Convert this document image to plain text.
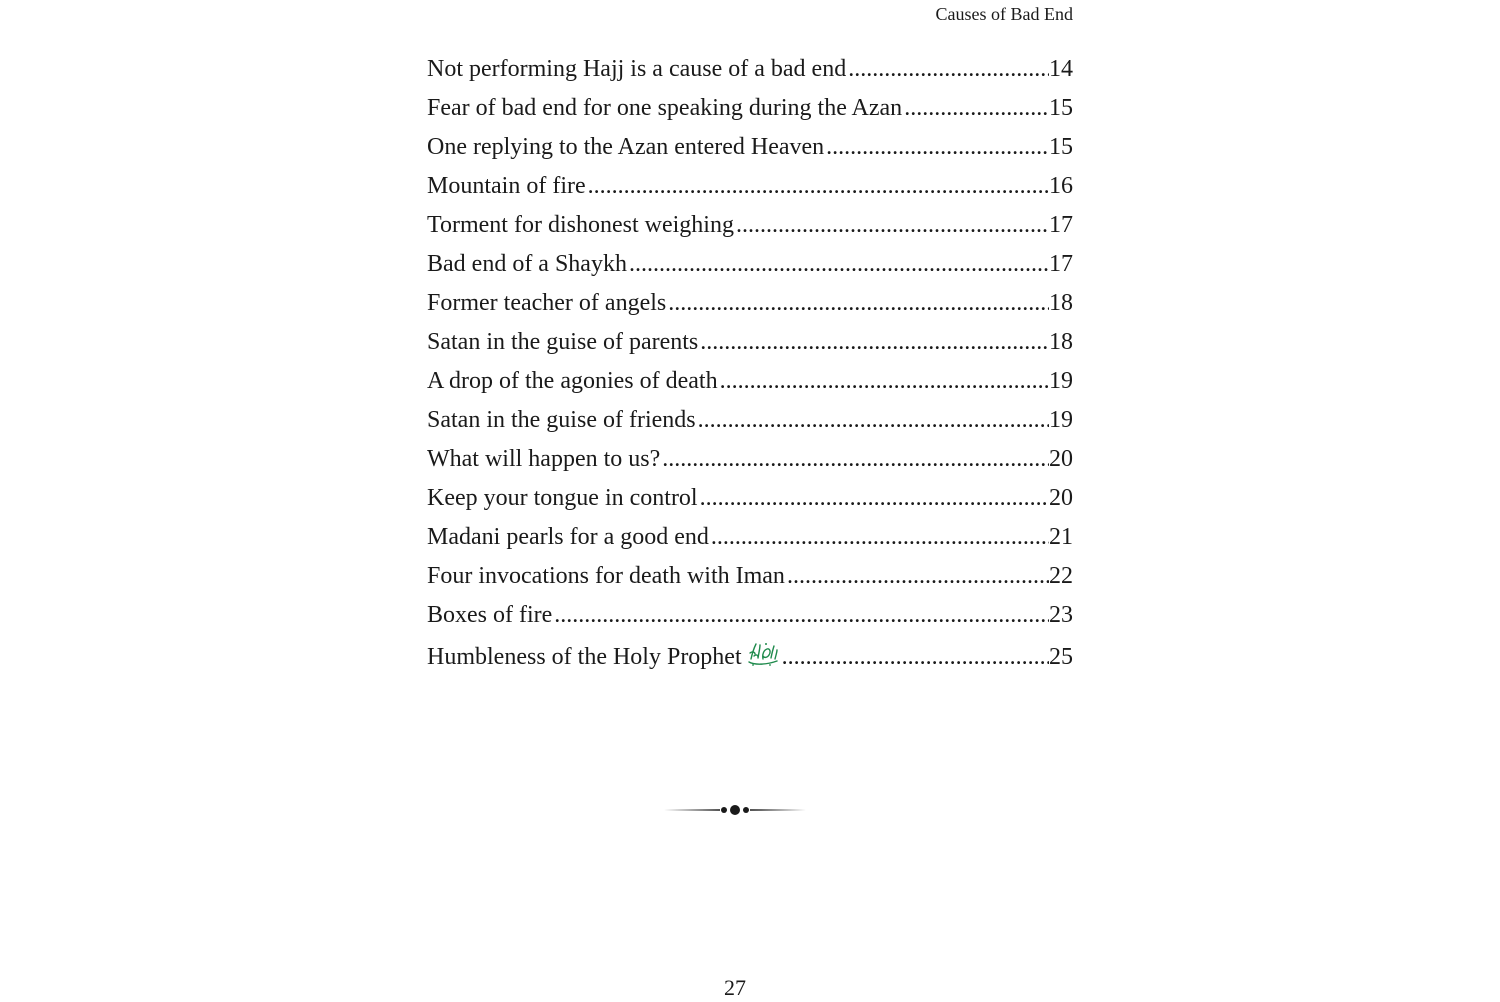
Causes of Bad End
Not performing Hajj is a cause of a bad end .....	14
Fear of bad end for one speaking during the Azan .....	15
One replying to the Azan entered Heaven .....	15
Mountain of fire .....	16
Torment for dishonest weighing .....	17
Bad end of a Shaykh .....	17
Former teacher of angels .....	18
Satan in the guise of parents .....	18
A drop of the agonies of death .....	19
Satan in the guise of friends .....	19
What will happen to us? .....	20
Keep your tongue in control .....	20
Madani pearls for a good end .....	21
Four invocations for death with Iman .....	22
Boxes of fire .....	23
Humbleness of the Holy Prophet .....	25
27
